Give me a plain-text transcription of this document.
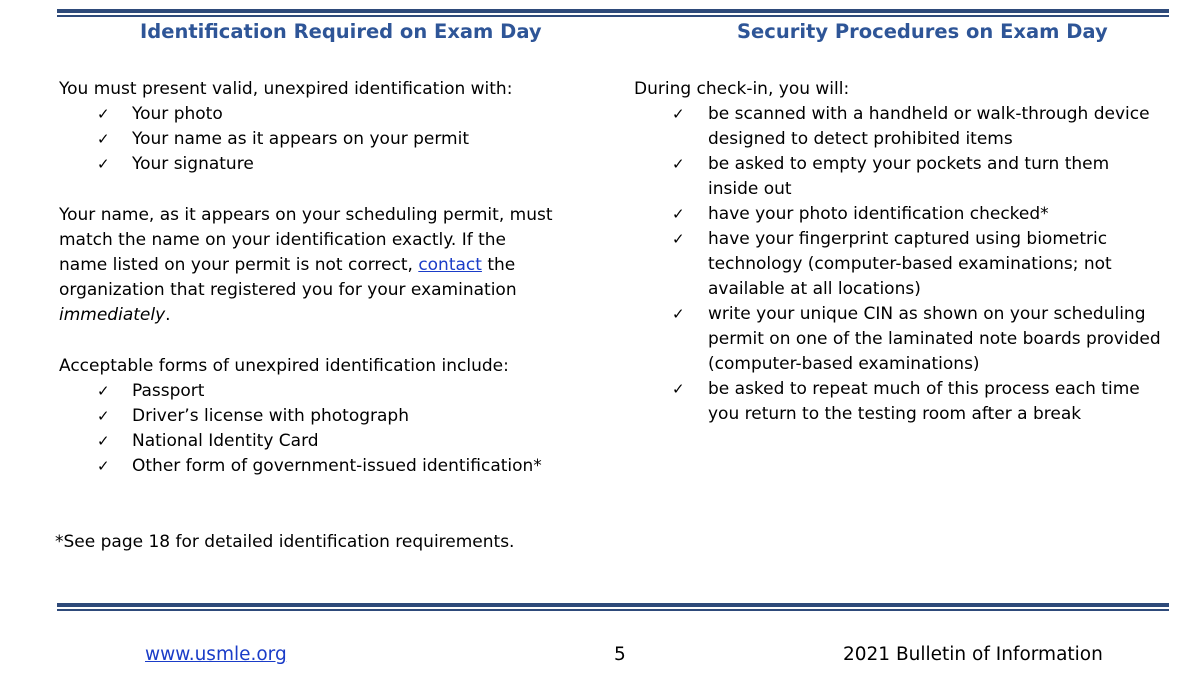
Identification Required on Exam Day

You must present valid, unexpired identification with:

✓ Your photo
✓ Your name as it appears on your permit
✓ Your signature

Your name, as it appears on your scheduling permit, must match the name on your identification exactly. If the name listed on your permit is not correct, contact the organization that registered you for your examination immediately.

Acceptable forms of unexpired identification include:

✓ Passport
✓ Driver’s license with photograph
✓ National Identity Card
✓ Other form of government-issued identification*

*See page 18 for detailed identification requirements.

Security Procedures on Exam Day

During check-in, you will:

✓ be scanned with a handheld or walk-through device designed to detect prohibited items
✓ be asked to empty your pockets and turn them inside out
✓ have your photo identification checked*
✓ have your fingerprint captured using biometric technology (computer-based examinations; not available at all locations)
✓ write your unique CIN as shown on your scheduling permit on one of the laminated note boards provided (computer-based examinations)
✓ be asked to repeat much of this process each time you return to the testing room after a break
www.usmle.org	5	2021 Bulletin of Information
